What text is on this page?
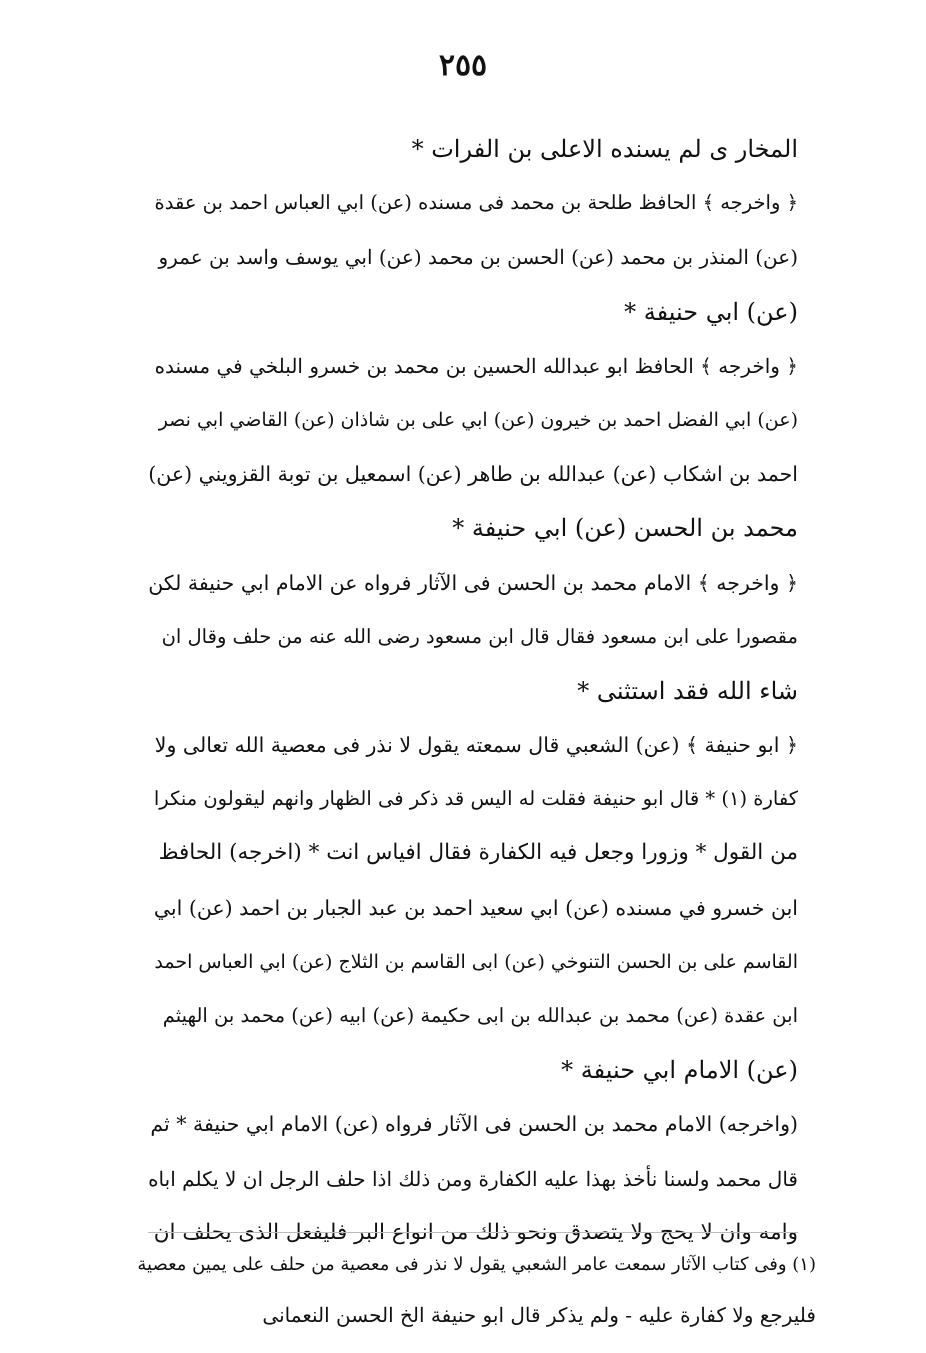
٢٥٥
المخار ى لم يسنده الاعلى بن الفرات *
﴿ واخرجه ﴾ الحافظ طلحة بن محمد فى مسنده (عن) ابي العباس احمد بن عقدة
(عن) المنذر بن محمد (عن) الحسن بن محمد (عن) ابي يوسف واسد بن عمرو
(عن) ابي حنيفة *
﴿ واخرجه ﴾ الحافظ ابو عبدالله الحسين بن محمد بن خسرو البلخي في مسنده
(عن) ابي الفضل احمد بن خيرون (عن) ابي على بن شاذان (عن) القاضي ابي نصر
احمد بن اشكاب (عن) عبدالله بن طاهر (عن) اسمعيل بن توبة القزويني (عن)
محمد بن الحسن (عن) ابي حنيفة *
﴿ واخرجه ﴾ الامام محمد بن الحسن فى الآثار فرواه عن الامام ابي حنيفة لكن
مقصورا على ابن مسعود فقال قال ابن مسعود رضى الله عنه من حلف وقال ان
شاء الله فقد استثنى *
﴿ ابو حنيفة ﴾ (عن) الشعبي قال سمعته يقول لا نذر فى معصية الله تعالى ولا
كفارة (١) * قال ابو حنيفة فقلت له اليس قد ذكر فى الظهار وانهم ليقولون منكرا
من القول * وزورا وجعل فيه الكفارة فقال افياس انت * (اخرجه) الحافظ
ابن خسرو في مسنده (عن) ابي سعيد احمد بن عبد الجبار بن احمد (عن) ابي
القاسم على بن الحسن التنوخي (عن) ابى القاسم بن الثلاج (عن) ابي العباس احمد
ابن عقدة (عن) محمد بن عبدالله بن ابى حكيمة (عن) ابيه (عن) محمد بن الهيثم
(عن) الامام ابي حنيفة *
(واخرجه) الامام محمد بن الحسن فى الآثار فرواه (عن) الامام ابي حنيفة * ثم
قال محمد ولسنا نأخذ بهذا عليه الكفارة ومن ذلك اذا حلف الرجل ان لا يكلم اباه
وامه وان لا يحج ولا يتصدق ونحو ذلك من انواع البر فليفعل الذى يحلف ان
(١) وفى كتاب الآثار سمعت عامر الشعبي يقول لا نذر فى معصية من حلف على يمين معصية
فليرجع ولا كفارة عليه - ولم يذكر قال ابو حنيفة الخ الحسن النعمانى
